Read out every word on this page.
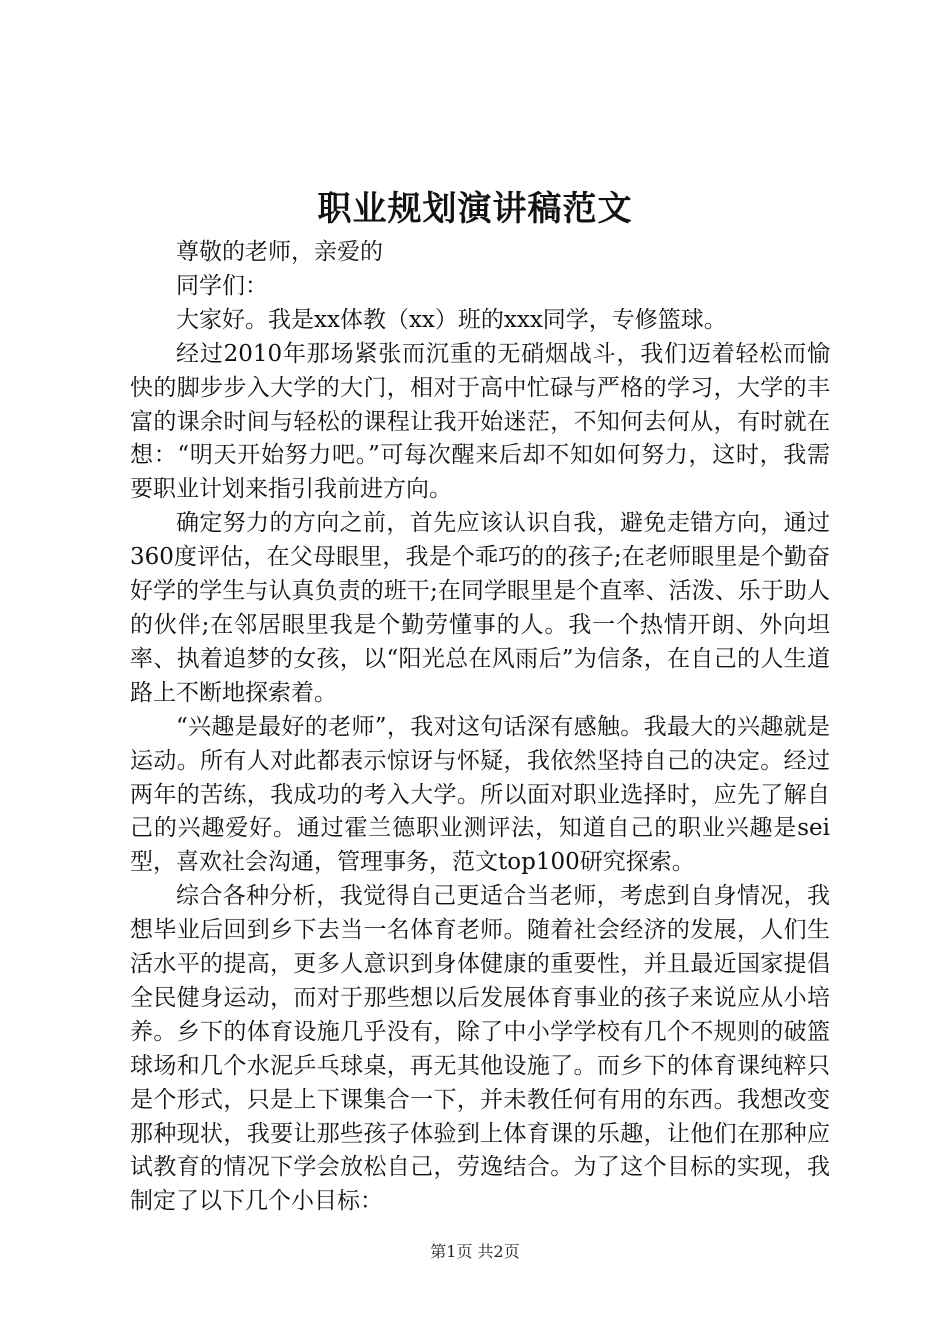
职业规划演讲稿范文

尊敬的老师，亲爱的

同学们：

大家好。我是xx体教（xx）班的xxx同学，专修篮球。

经过2010年那场紧张而沉重的无硝烟战斗，我们迈着轻松而愉快的脚步步入大学的大门，相对于高中忙碌与严格的学习，大学的丰富的课余时间与轻松的课程让我开始迷茫，不知何去何从，有时就在想：“明天开始努力吧。”可每次醒来后却不知如何努力，这时，我需要职业计划来指引我前进方向。

确定努力的方向之前，首先应该认识自我，避免走错方向，通过360度评估，在父母眼里，我是个乖巧的的孩子;在老师眼里是个勤奋好学的学生与认真负责的班干;在同学眼里是个直率、活泼、乐于助人的伙伴;在邻居眼里我是个勤劳懂事的人。我一个热情开朗、外向坦率、执着追梦的女孩，以“阳光总在风雨后”为信条，在自己的人生道路上不断地探索着。

“兴趣是最好的老师”，我对这句话深有感触。我最大的兴趣就是运动。所有人对此都表示惊讶与怀疑，我依然坚持自己的决定。经过两年的苦练，我成功的考入大学。所以面对职业选择时，应先了解自己的兴趣爱好。通过霍兰德职业测评法，知道自己的职业兴趣是sei型，喜欢社会沟通，管理事务，范文top100研究探索。

综合各种分析，我觉得自己更适合当老师，考虑到自身情况，我想毕业后回到乡下去当一名体育老师。随着社会经济的发展，人们生活水平的提高，更多人意识到身体健康的重要性，并且最近国家提倡全民健身运动，而对于那些想以后发展体育事业的孩子来说应从小培养。乡下的体育设施几乎没有，除了中小学学校有几个不规则的破篮球场和几个水泥乒乓球桌，再无其他设施了。而乡下的体育课纯粹只是个形式，只是上下课集合一下，并未教任何有用的东西。我想改变那种现状，我要让那些孩子体验到上体育课的乐趣，让他们在那种应试教育的情况下学会放松自己，劳逸结合。为了这个目标的实现，我制定了以下几个小目标：

第1页 共2页
